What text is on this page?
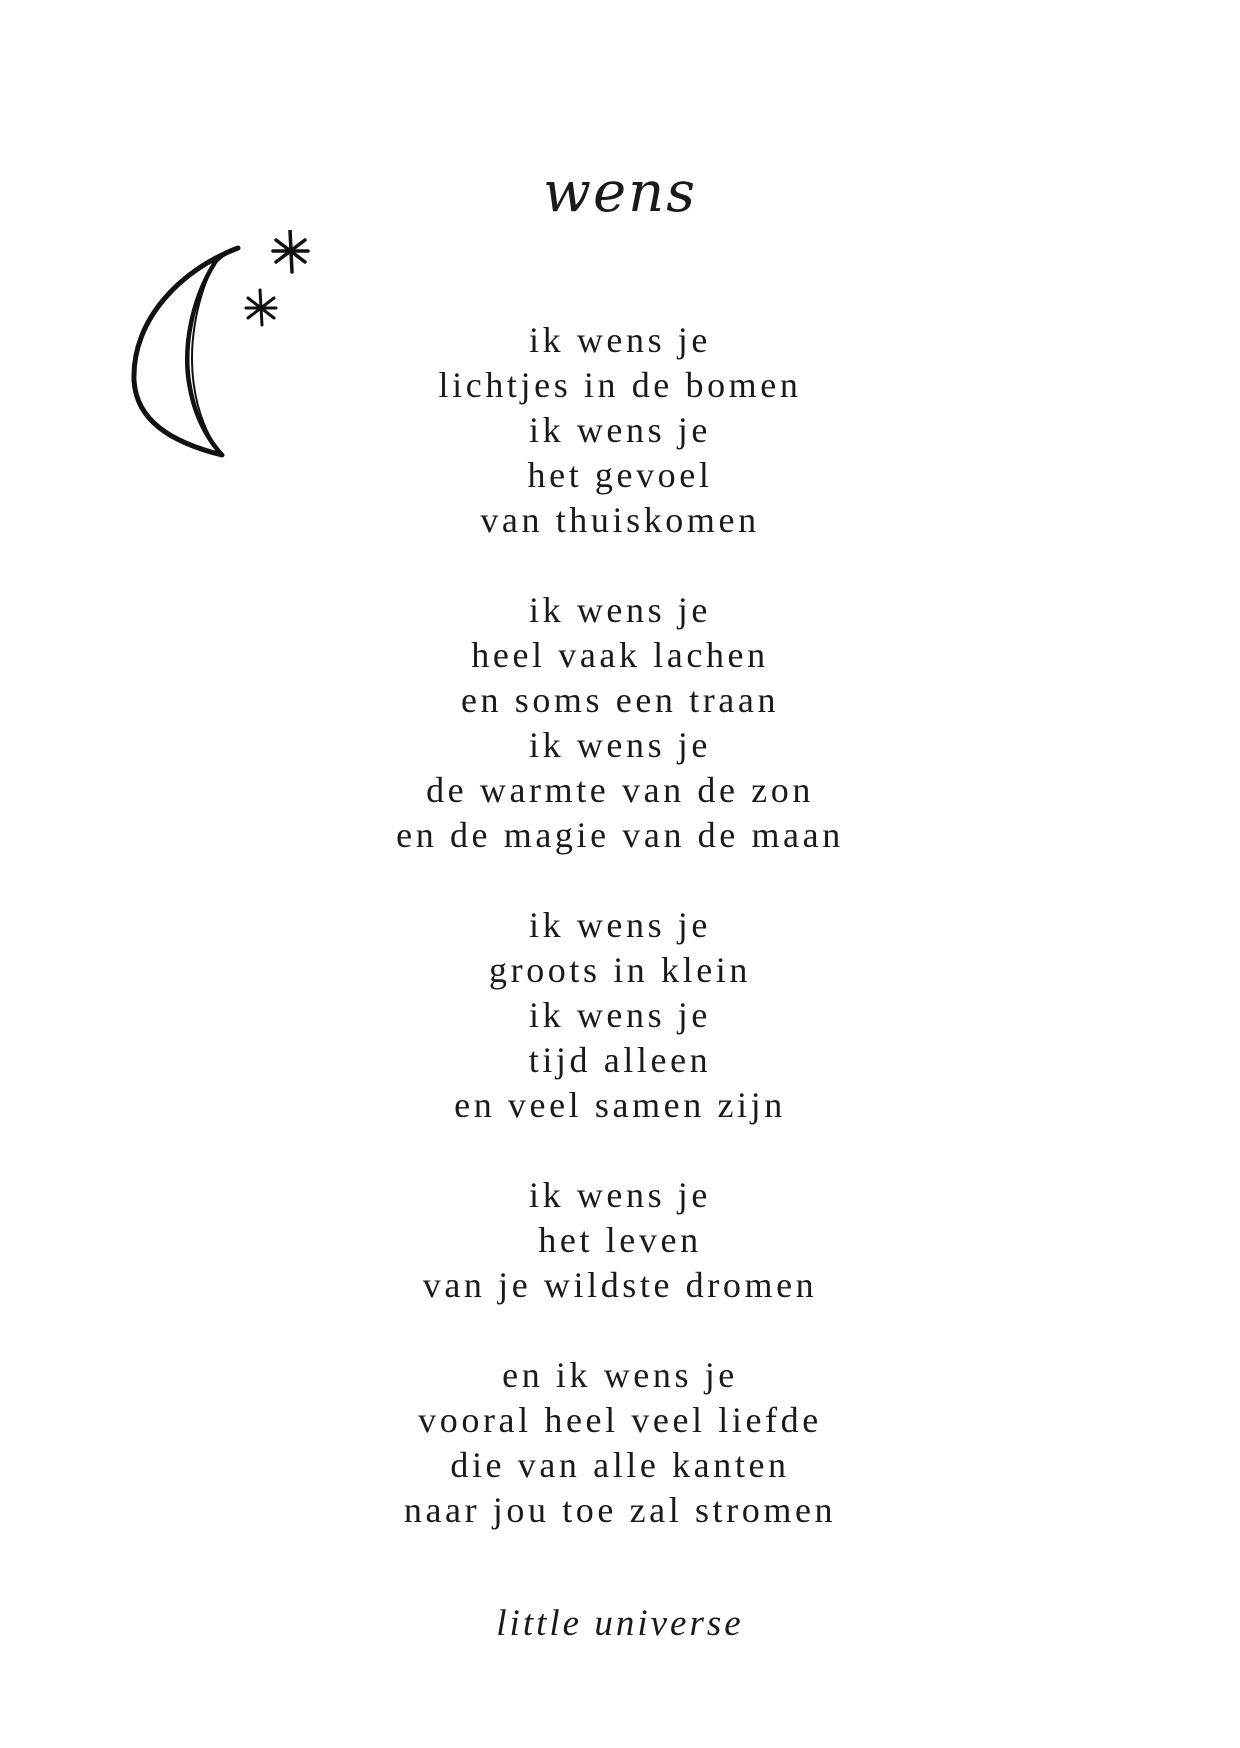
wens
ik wens je
lichtjes in de bomen
ik wens je
het gevoel
van thuiskomen
ik wens je
heel vaak lachen
en soms een traan
ik wens je
de warmte van de zon
en de magie van de maan
ik wens je
groots in klein
ik wens je
tijd alleen
en veel samen zijn
ik wens je
het leven
van je wildste dromen
en ik wens je
vooral heel veel liefde
die van alle kanten
naar jou toe zal stromen
little universe
